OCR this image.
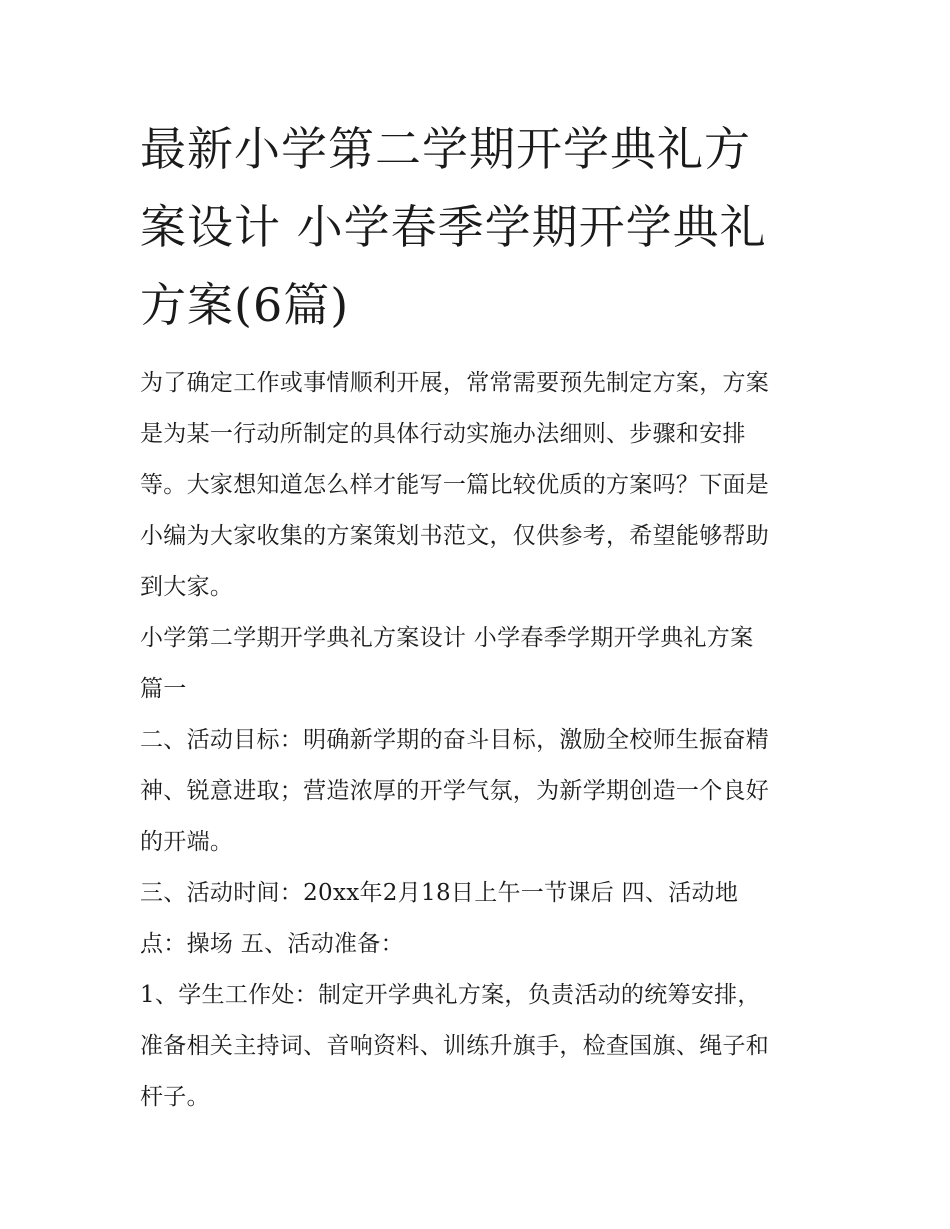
最新小学第二学期开学典礼方
案设计 小学春季学期开学典礼
方案(6篇)

为了确定工作或事情顺利开展，常常需要预先制定方案，方案
是为某一行动所制定的具体行动实施办法细则、步骤和安排
等。大家想知道怎么样才能写一篇比较优质的方案吗？下面是
小编为大家收集的方案策划书范文，仅供参考，希望能够帮助
到大家。

小学第二学期开学典礼方案设计 小学春季学期开学典礼方案
篇一

二、活动目标：明确新学期的奋斗目标，激励全校师生振奋精
神、锐意进取；营造浓厚的开学气氛，为新学期创造一个良好
的开端。

三、活动时间：20xx年2月18日上午一节课后 四、活动地
点：操场 五、活动准备：

1、学生工作处：制定开学典礼方案，负责活动的统筹安排，
准备相关主持词、音响资料、训练升旗手，检查国旗、绳子和
杆子。
